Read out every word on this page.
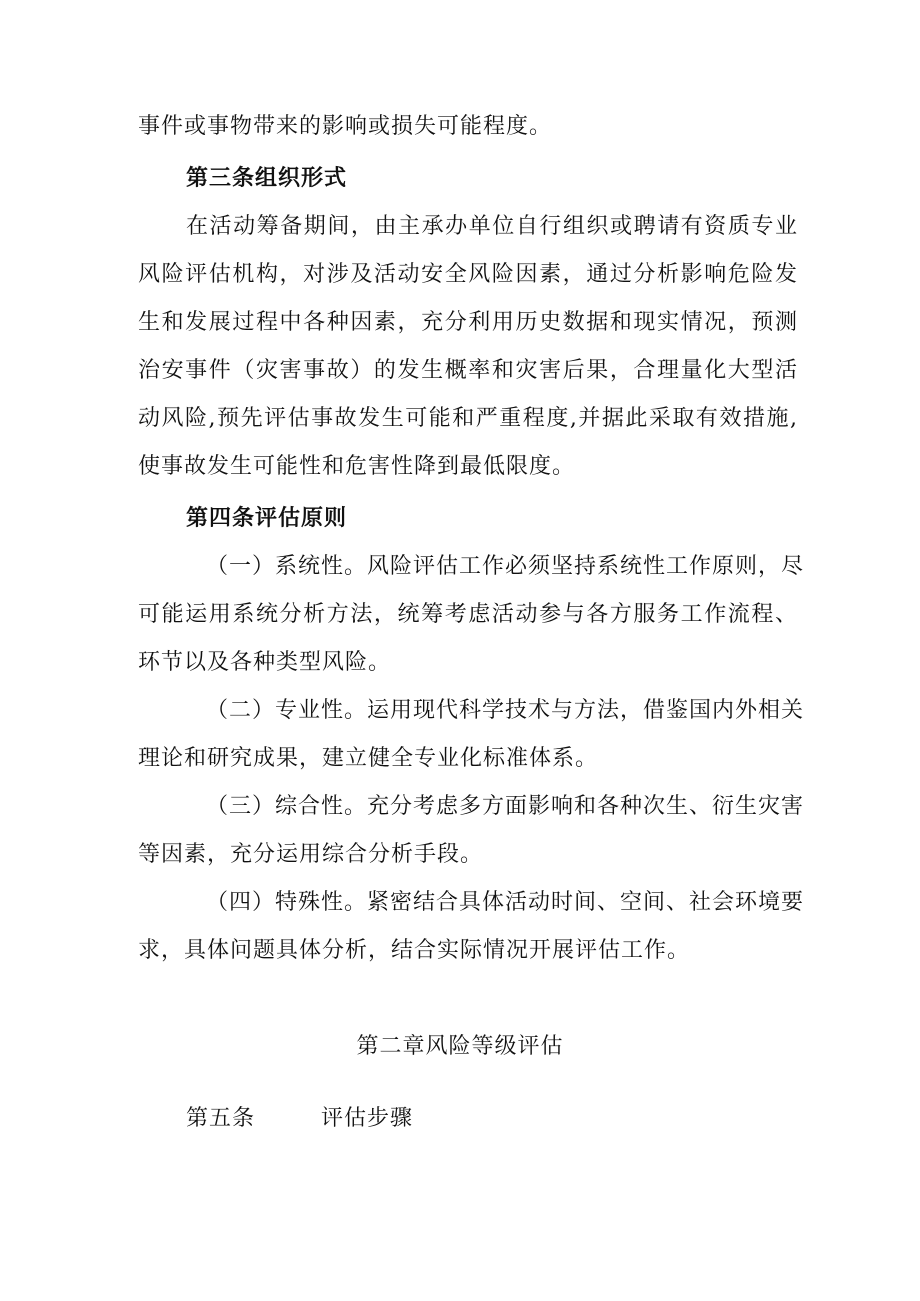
事件或事物带来的影响或损失可能程度。
第三条组织形式
在活动筹备期间，由主承办单位自行组织或聘请有资质专业
风险评估机构，对涉及活动安全风险因素，通过分析影响危险发
生和发展过程中各种因素，充分利用历史数据和现实情况，预测
治安事件（灾害事故）的发生概率和灾害后果，合理量化大型活
动风险,预先评估事故发生可能和严重程度,并据此采取有效措施,
使事故发生可能性和危害性降到最低限度。
第四条评估原则
（一）系统性。风险评估工作必须坚持系统性工作原则，尽
可能运用系统分析方法，统筹考虑活动参与各方服务工作流程、
环节以及各种类型风险。
（二）专业性。运用现代科学技术与方法，借鉴国内外相关
理论和研究成果，建立健全专业化标准体系。
（三）综合性。充分考虑多方面影响和各种次生、衍生灾害
等因素，充分运用综合分析手段。
（四）特殊性。紧密结合具体活动时间、空间、社会环境要
求，具体问题具体分析，结合实际情况开展评估工作。
第二章风险等级评估
第五条	评估步骤
